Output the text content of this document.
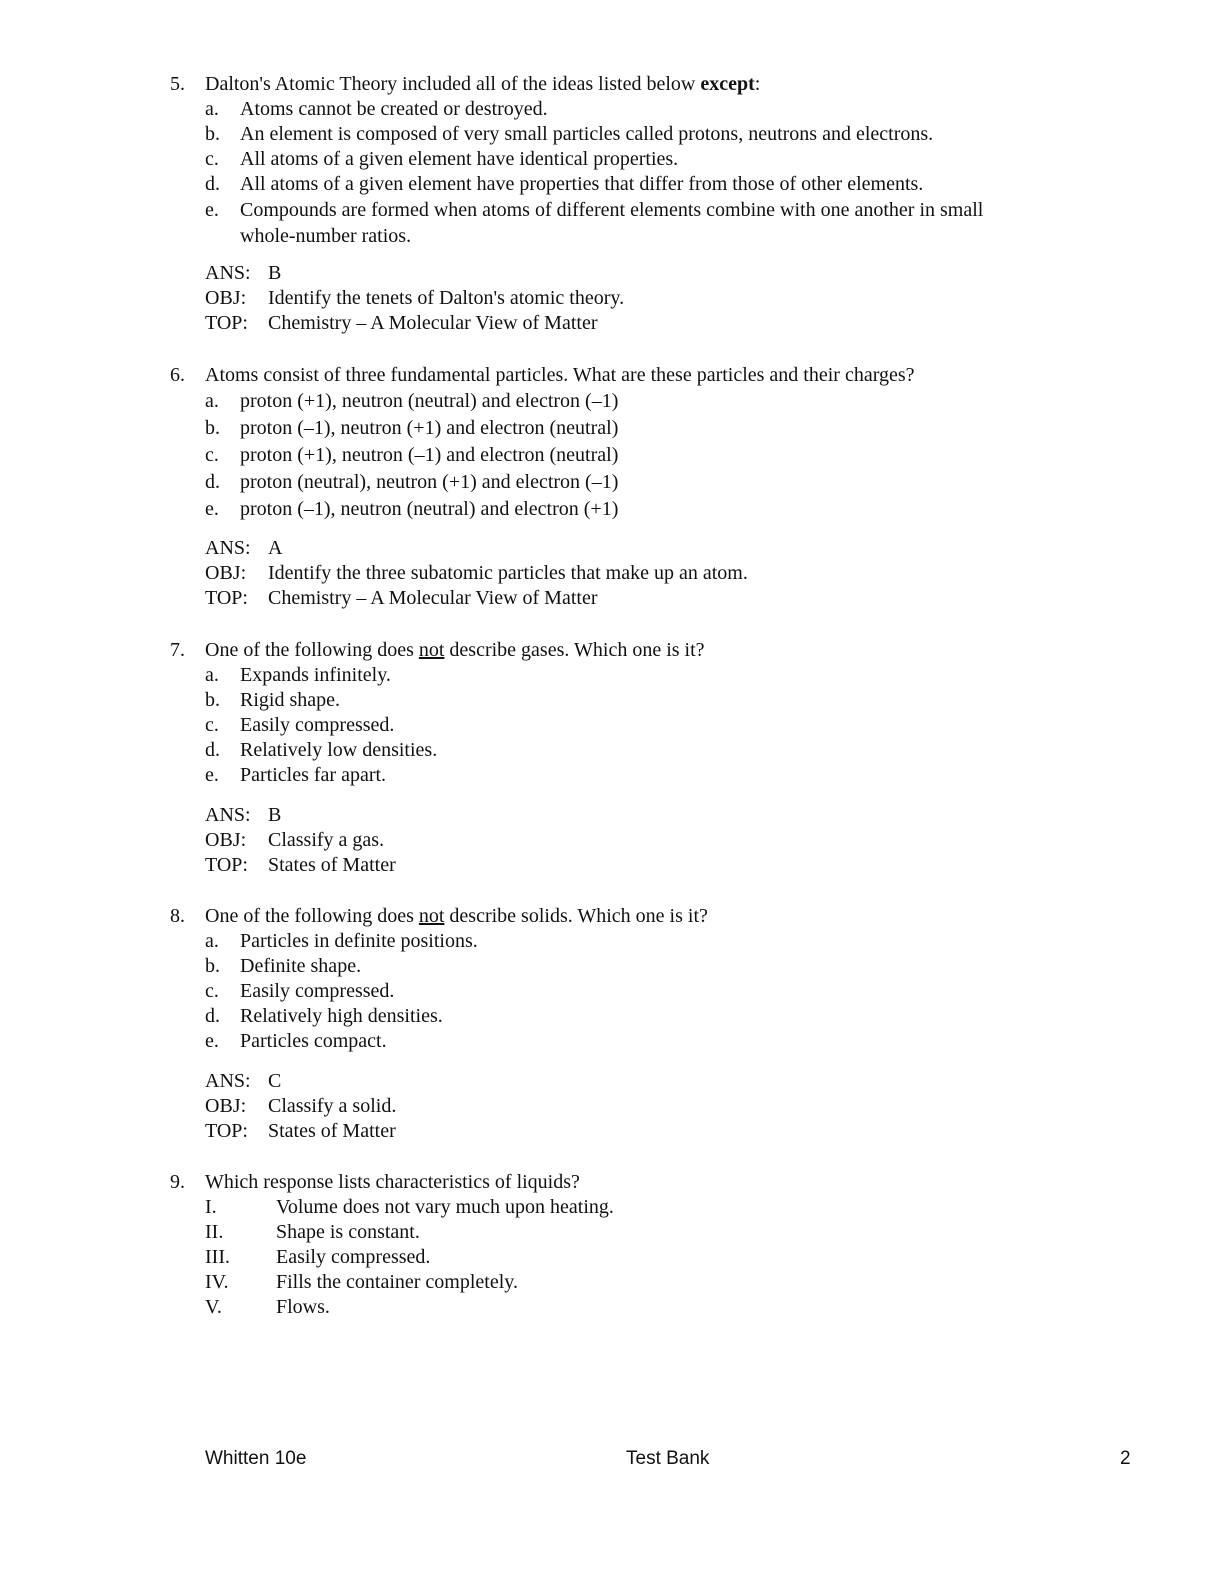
5. Dalton's Atomic Theory included all of the ideas listed below except:
a. Atoms cannot be created or destroyed.
b. An element is composed of very small particles called protons, neutrons and electrons.
c. All atoms of a given element have identical properties.
d. All atoms of a given element have properties that differ from those of other elements.
e. Compounds are formed when atoms of different elements combine with one another in small whole-number ratios.
ANS: B
OBJ: Identify the tenets of Dalton's atomic theory.
TOP: Chemistry – A Molecular View of Matter
6. Atoms consist of three fundamental particles. What are these particles and their charges?
a. proton (+1), neutron (neutral) and electron (–1)
b. proton (–1), neutron (+1) and electron (neutral)
c. proton (+1), neutron (–1) and electron (neutral)
d. proton (neutral), neutron (+1) and electron (–1)
e. proton (–1), neutron (neutral) and electron (+1)
ANS: A
OBJ: Identify the three subatomic particles that make up an atom.
TOP: Chemistry – A Molecular View of Matter
7. One of the following does not describe gases. Which one is it?
a. Expands infinitely.
b. Rigid shape.
c. Easily compressed.
d. Relatively low densities.
e. Particles far apart.
ANS: B
OBJ: Classify a gas.
TOP: States of Matter
8. One of the following does not describe solids. Which one is it?
a. Particles in definite positions.
b. Definite shape.
c. Easily compressed.
d. Relatively high densities.
e. Particles compact.
ANS: C
OBJ: Classify a solid.
TOP: States of Matter
9. Which response lists characteristics of liquids?
I.	Volume does not vary much upon heating.
II.	Shape is constant.
III. Easily compressed.
IV. Fills the container completely.
V.	Flows.
Whitten 10e	Test Bank	2
